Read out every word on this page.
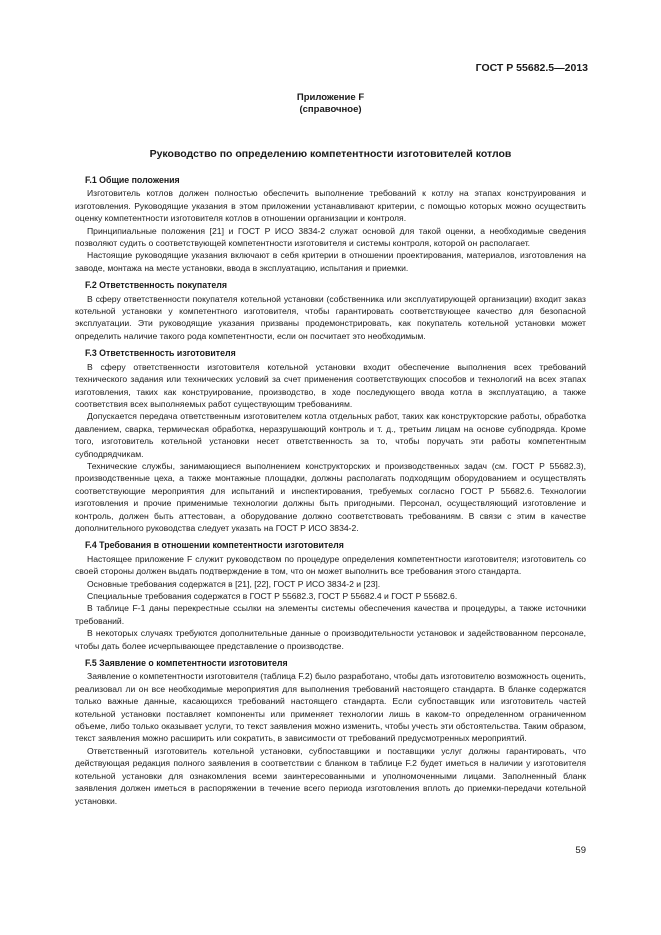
ГОСТ Р 55682.5—2013
Приложение F
(справочное)
Руководство по определению компетентности изготовителей котлов
F.1 Общие положения

Изготовитель котлов должен полностью обеспечить выполнение требований к котлу на этапах конструирования и изготовления. Руководящие указания в этом приложении устанавливают критерии, с помощью которых можно осуществить оценку компетентности изготовителя котлов в отношении организации и контроля.

Принципиальные положения [21] и ГОСТ Р ИСО 3834-2 служат основой для такой оценки, а необходимые сведения позволяют судить о соответствующей компетентности изготовителя и системы контроля, которой он располагает.

Настоящие руководящие указания включают в себя критерии в отношении проектирования, материалов, изготовления на заводе, монтажа на месте установки, ввода в эксплуатацию, испытания и приемки.

F.2 Ответственность покупателя

В сферу ответственности покупателя котельной установки (собственника или эксплуатирующей организации) входит заказ котельной установки у компетентного изготовителя, чтобы гарантировать соответствующее качество для безопасной эксплуатации. Эти руководящие указания призваны продемонстрировать, как покупатель котельной установки может определить наличие такого рода компетентности, если он посчитает это необходимым.

F.3 Ответственность изготовителя

В сферу ответственности изготовителя котельной установки входит обеспечение выполнения всех требований технического задания или технических условий за счет применения соответствующих способов и технологий на всех этапах изготовления, таких как конструирование, производство, в ходе последующего ввода котла в эксплуатацию, а также соответствия всех выполняемых работ существующим требованиям.

Допускается передача ответственным изготовителем котла отдельных работ, таких как конструкторские работы, обработка давлением, сварка, термическая обработка, неразрушающий контроль и т. д., третьим лицам на основе субподряда. Кроме того, изготовитель котельной установки несет ответственность за то, чтобы поручать эти работы компетентным субподрядчикам.

Технические службы, занимающиеся выполнением конструкторских и производственных задач (см. ГОСТ Р 55682.3), производственные цеха, а также монтажные площадки, должны располагать подходящим оборудованием и осуществлять соответствующие мероприятия для испытаний и инспектирования, требуемых согласно ГОСТ Р 55682.6. Технологии изготовления и прочие применимые технологии должны быть пригодными. Персонал, осуществляющий изготовление и контроль, должен быть аттестован, а оборудование должно соответствовать требованиям. В связи с этим в качестве дополнительного руководства следует указать на ГОСТ Р ИСО 3834-2.

F.4 Требования в отношении компетентности изготовителя

Настоящее приложение F служит руководством по процедуре определения компетентности изготовителя; изготовитель со своей стороны должен выдать подтверждение в том, что он может выполнить все требования этого стандарта.

Основные требования содержатся в [21], [22], ГОСТ Р ИСО 3834-2 и [23].

Специальные требования содержатся в ГОСТ Р 55682.3, ГОСТ Р 55682.4 и ГОСТ Р 55682.6.

В таблице F-1 даны перекрестные ссылки на элементы системы обеспечения качества и процедуры, а также источники требований.

В некоторых случаях требуются дополнительные данные о производительности установок и задействованном персонале, чтобы дать более исчерпывающее представление о производстве.

F.5 Заявление о компетентности изготовителя

Заявление о компетентности изготовителя (таблица F.2) было разработано, чтобы дать изготовителю возможность оценить, реализовал ли он все необходимые мероприятия для выполнения требований настоящего стандарта. В бланке содержатся только важные данные, касающихся требований настоящего стандарта. Если субпоставщик или изготовитель частей котельной установки поставляет компоненты или применяет технологии лишь в каком-то определенном ограниченном объеме, либо только оказывает услуги, то текст заявления можно изменить, чтобы учесть эти обстоятельства. Таким образом, текст заявления можно расширить или сократить, в зависимости от требований предусмотренных мероприятий.

Ответственный изготовитель котельной установки, субпоставщики и поставщики услуг должны гарантировать, что действующая редакция полного заявления в соответствии с бланком в таблице F.2 будет иметься в наличии у изготовителя котельной установки для ознакомления всеми заинтересованными и уполномоченными лицами. Заполненный бланк заявления должен иметься в распоряжении в течение всего периода изготовления вплоть до приемки-передачи котельной установки.

59
